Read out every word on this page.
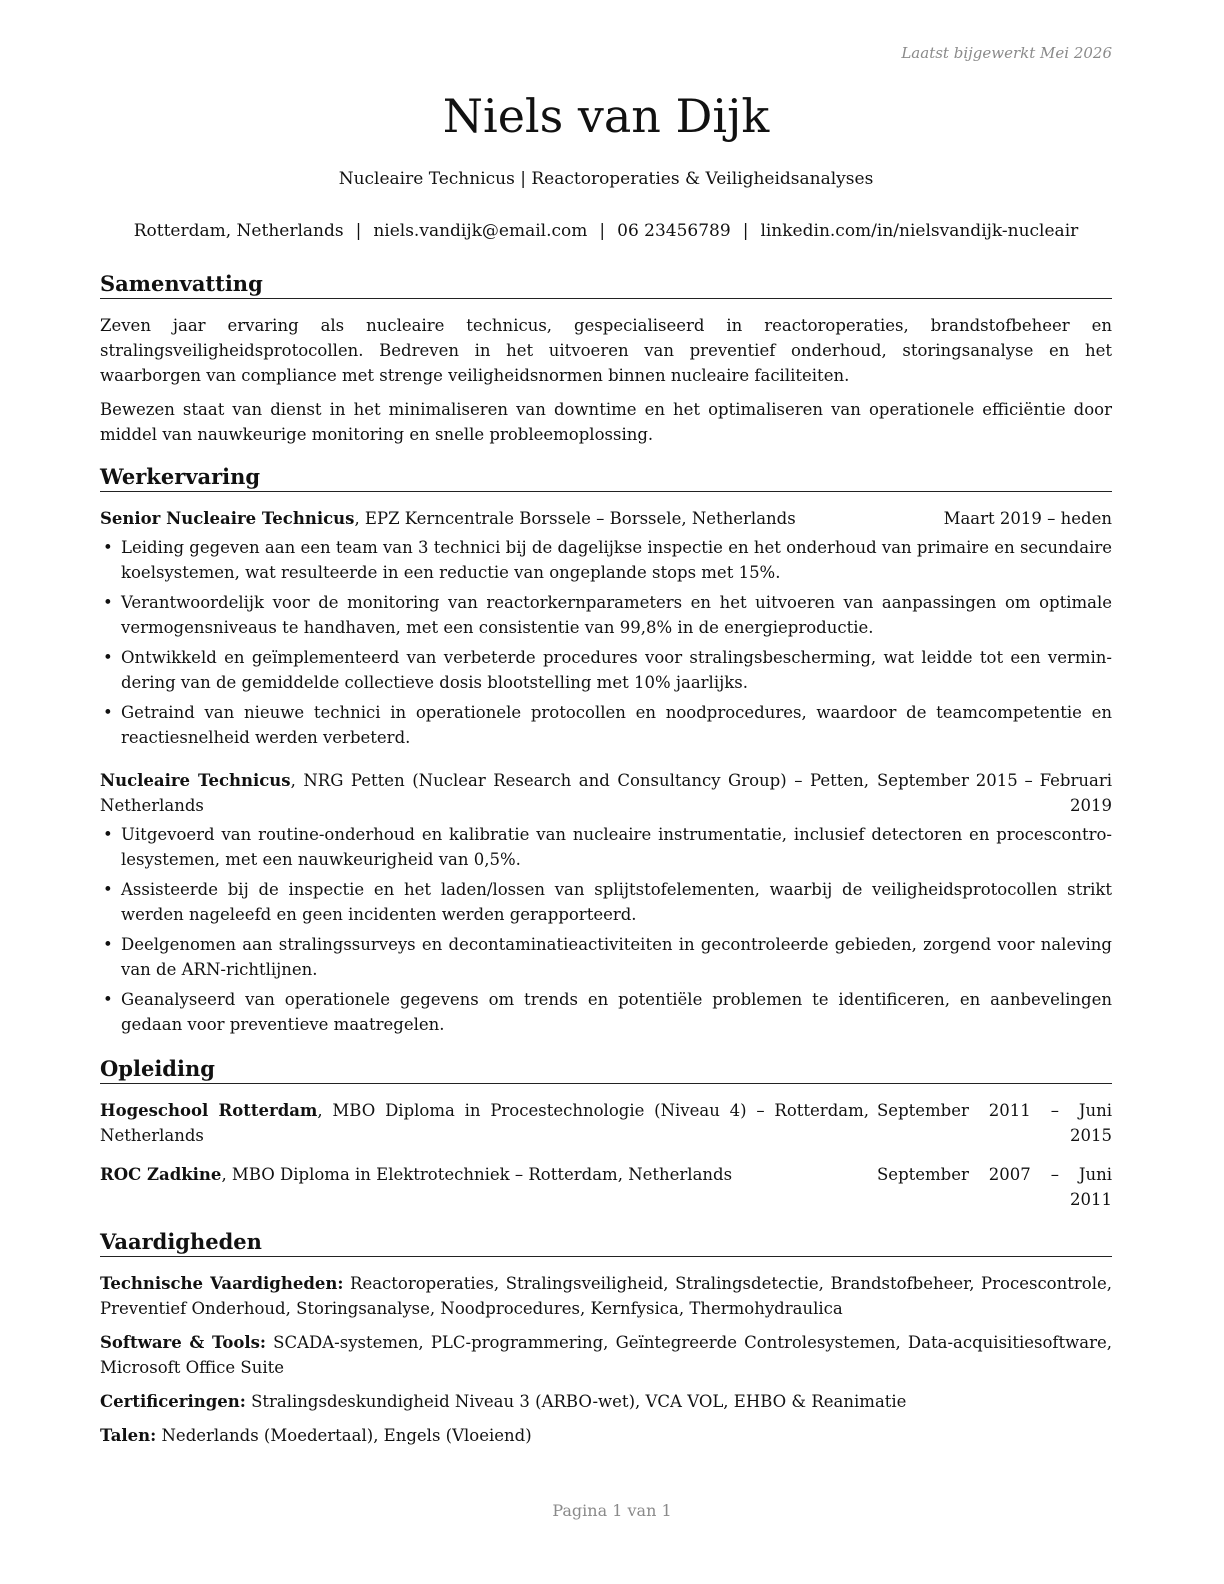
Laatst bijgewerkt Mei 2026
Niels van Dijk
Nucleaire Technicus | Reactoroperaties & Veiligheidsanalyses
Rotterdam, Netherlands | niels.vandijk@email.com | 06 23456789 | linkedin.com/in/nielsvandijk-nucleair
Samenvatting

Zeven jaar ervaring als nucleaire technicus, gespecialiseerd in reactoroperaties, brandstofbeheer en stralingsveiligheidsprotocollen. Bedreven in het uitvoeren van preventief onderhoud, storingsanalyse en het waarborgen van compliance met strenge veiligheidsnormen binnen nucleaire faciliteiten.

Bewezen staat van dienst in het minimaliseren van downtime en het optimaliseren van operationele efficiëntie door middel van nauwkeurige monitoring en snelle probleemoplossing.

Werkervaring
Senior Nucleaire Technicus, EPZ Kerncentrale Borssele – Borssele, Netherlands	Maart 2019 – heden
• Leiding gegeven aan een team van 3 technici bij de dagelijkse inspectie en het onderhoud van primaire en secundaire koelsystemen, wat resulteerde in een reductie van ongeplande stops met 15%.
• Verantwoordelijk voor de monitoring van reactorkernparameters en het uitvoeren van aanpassingen om optimale vermogensniveaus te handhaven, met een consistentie van 99,8% in de energieproductie.
• Ontwikkeld en geïmplementeerd van verbeterde procedures voor stralingsbescherming, wat leidde tot een vermindering van de gemiddelde collectieve dosis blootstelling met 10% jaarlijks.
• Getraind van nieuwe technici in operationele protocollen en noodprocedures, waardoor de teamcompetentie en reactiesnelheid werden verbeterd.
Nucleaire Technicus, NRG Petten (Nuclear Research and Consultancy Group) – Petten, Netherlands
September 2015 – Februari 2019
• Uitgevoerd van routine-onderhoud en kalibratie van nucleaire instrumentatie, inclusief detectoren en procescontrolesystemen, met een nauwkeurigheid van 0,5%.
• Assisteerde bij de inspectie en het laden/lossen van splijtstofelementen, waarbij de veiligheidsprotocollen strikt werden nageleefd en geen incidenten werden gerapporteerd.
• Deelgenomen aan stralingssurveys en decontaminatieactiviteiten in gecontroleerde gebieden, zorgend voor naleving van de ARN-richtlijnen.
• Geanalyseerd van operationele gegevens om trends en potentiële problemen te identificeren, en aanbevelingen gedaan voor preventieve maatregelen.
Opleiding
Hogeschool Rotterdam, MBO Diploma in Procestechnologie (Niveau 4) – Rotterdam, Netherlands
September 2011 – Juni 2015
ROC Zadkine, MBO Diploma in Elektrotechniek – Rotterdam, Netherlands	September 2007 – Juni 2011
Vaardigheden
Technische Vaardigheden: Reactoroperaties, Stralingsveiligheid, Stralingsdetectie, Brandstofbeheer, Procescontrole, Preventief Onderhoud, Storingsanalyse, Noodprocedures, Kernfysica, Thermohydraulica
Software & Tools: SCADA-systemen, PLC-programmering, Geïntegreerde Controlesystemen, Data-acquisitiesoftware, Microsoft Office Suite
Certificeringen: Stralingsdeskundigheid Niveau 3 (ARBO-wet), VCA VOL, EHBO & Reanimatie
Talen: Nederlands (Moedertaal), Engels (Vloeiend)
Pagina 1 van 1
